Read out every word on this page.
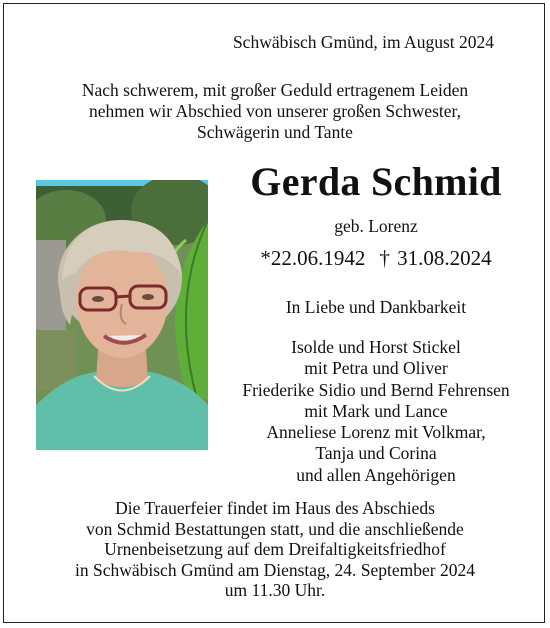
Schwäbisch Gmünd, im August 2024
Nach schwerem, mit großer Geduld ertragenem Leiden
nehmen wir Abschied von unserer großen Schwester,
Schwägerin und Tante
Gerda Schmid
geb. Lorenz
*22.06.1942 † 31.08.2024
In Liebe und Dankbarkeit
Isolde und Horst Stickel
mit Petra und Oliver
Friederike Sidio und Bernd Fehrensen
mit Mark und Lance
Anneliese Lorenz mit Volkmar,
Tanja und Corina
und allen Angehörigen
Die Trauerfeier findet im Haus des Abschieds
von Schmid Bestattungen statt, und die anschließende
Urnenbeisetzung auf dem Dreifaltigkeitsfriedhof
in Schwäbisch Gmünd am Dienstag, 24. September 2024
um 11.30 Uhr.
